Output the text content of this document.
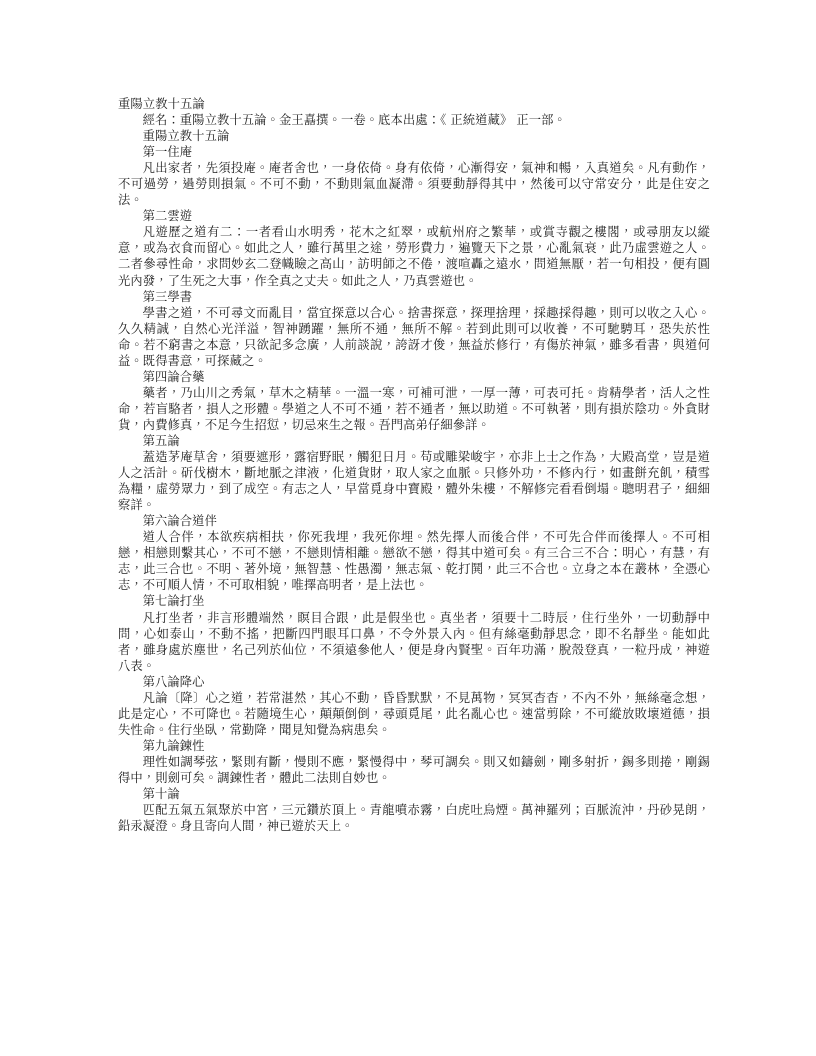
重陽立教十五論
經名：重陽立教十五論。金王嚞撰。一卷。底本出處：《 正統道藏》 正一部。
重陽立教十五論
第一住庵

凡出家者，先須投庵。庵者舍也，一身依倚。身有依倚，心漸得安，氣神和暢，入真道矣。凡有動作，不可過勞，過勞則損氣。不可不動，不動則氣血凝滯。須要動靜得其中，然後可以守常安分，此是住安之法。

第二雲遊

凡遊歷之道有二：一者看山水明秀，花木之紅翠，或航州府之繁華，或賞寺觀之樓閣，或尋朋友以縱意，或為衣食而留心。如此之人，雖行萬里之途，勞形費力，遍覽天下之景，心亂氣衰，此乃虛雲遊之人。二者參尋性命，求問妙玄二登幟瞼之高山，訪明師之不倦，渡喧轟之遠水，問道無厭，若一句相投，便有圓光內發，了生死之大事，作全真之丈夫。如此之人，乃真雲遊也。

第三學書

學書之道，不可尋文而亂目，當宜探意以合心。捨書探意，探理捨理，採趣採得趣，則可以收之入心。久久精誠，自然心光洋溢，智神踴躍，無所不通，無所不解。若到此則可以收養，不可馳騁耳，恐失於性命。若不窮書之本意，只欲記多念廣，人前談說，誇訝才俊，無益於修行，有傷於神氣，雖多看書，與道何益。既得書意，可探藏之。

第四論合藥

藥者，乃山川之秀氣，草木之精華。一溫一寒，可補可泄，一厚一薄，可表可托。肯精學者，活人之性命，若盲駱者，損人之形體。學道之人不可不通，若不通者，無以助道。不可執著，則有損於陰功。外貪財貨，內費修真，不足今生招愆，切忌來生之報。吾門高弟仔細參詳。

第五論

蓋造茅庵草舍，須要遮形，露宿野眠，觸犯日月。苟或雕梁峻宇，亦非上士之作為，大殿高堂，豈是道人之活計。斫伐樹木，斷地脈之津液，化道貨財，取人家之血脈。只修外功，不修內行，如畫餅充飢，積雪為糧，虛勞眾力，到了成空。有志之人，早當覓身中寶殿，體外朱樓，不解修完看看倒塌。聰明君子，細細察詳。

第六論合道伴

道人合伴，本欲疾病相扶，你死我埋，我死你埋。然先擇人而後合伴，不可先合伴而後擇人。不可相戀，相戀則繫其心，不可不戀，不戀則情相離。戀欲不戀，得其中道可矣。有三合三不合：明心，有慧，有志，此三合也。不明、著外境，無智慧、性愚濁，無志氣、乾打鬨，此三不合也。立身之本在叢林，全憑心志，不可順人情，不可取相貌，唯擇高明者，是上法也。

第七論打坐

凡打坐者，非言形體端然，瞑目合跟，此是假坐也。真坐者，須要十二時辰，住行坐外，一切動靜中問，心如泰山，不動不搖，把斷四門眼耳口鼻，不令外景入內。但有絲毫動靜思念，即不名靜坐。能如此者，雖身處於塵世，名己列於仙位，不須遠參他人，便是身內賢聖。百年功滿，脫殼登真，一粒丹成，神遊八表。

第八論降心

凡論〔降〕心之道，若常湛然，其心不動，昏昏默默，不見萬物，冥冥杳杳，不內不外，無絲毫念想，此是定心，不可降也。若隨境生心，顛顛倒倒，尋頭覓尾，此名亂心也。速當剪除，不可縱放敗壞道德，損失性命。住行坐臥，常勤降，聞見知覺為病患矣。

第九論鍊性

理性如調琴弦，緊則有斷，慢則不應，緊慢得中，琴可調矣。則又如鑄劍，剛多射折，錫多則捲，剛錫得中，則劍可矣。調鍊性者，體此二法則自妙也。

第十論

匹配五氣五氣聚於中宮，三元鑽於頂上。青龍噴赤霧，白虎吐烏煙。萬神羅列；百脈流沖，丹砂晃朗，鉛汞凝澄。身且寄向人間，神已遊於天上。
